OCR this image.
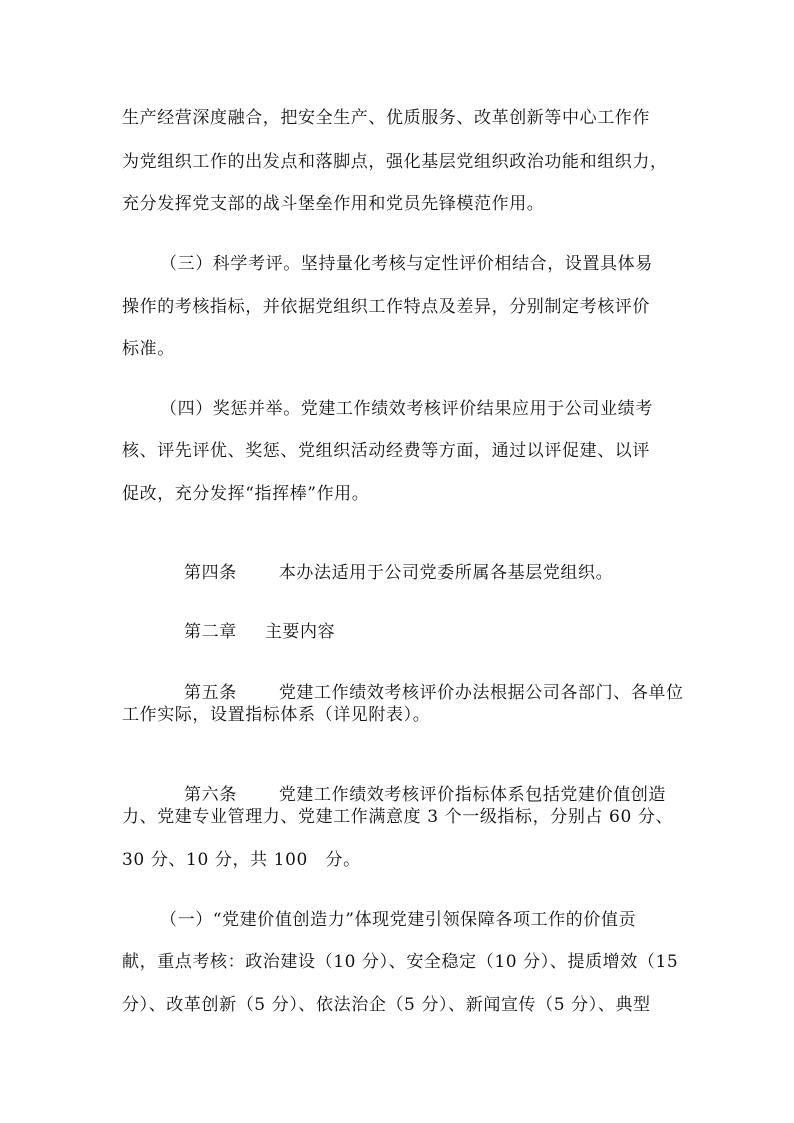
生产经营深度融合，把安全生产、优质服务、改革创新等中心工作作
为党组织工作的出发点和落脚点，强化基层党组织政治功能和组织力，
充分发挥党支部的战斗堡垒作用和党员先锋模范作用。
（三）科学考评。坚持量化考核与定性评价相结合，设置具体易
操作的考核指标，并依据党组织工作特点及差异，分别制定考核评价
标准。
（四）奖惩并举。党建工作绩效考核评价结果应用于公司业绩考
核、评先评优、奖惩、党组织活动经费等方面，通过以评促建、以评
促改，充分发挥“指挥棒”作用。

第四条 本办法适用于公司党委所属各基层党组织。

第二章 主要内容

第五条 党建工作绩效考核评价办法根据公司各部门、各单位

工作实际，设置指标体系（详见附表）。

第六条 党建工作绩效考核评价指标体系包括党建价值创造

力、党建专业管理力、党建工作满意度 3 个一级指标，分别占 60 分、
30 分、10 分，共 100　分。
（一）“党建价值创造力”体现党建引领保障各项工作的价值贡
献，重点考核：政治建设（10 分）、安全稳定（10 分）、提质增效（15
分）、改革创新（5 分）、依法治企（5 分）、新闻宣传（5 分）、典型
